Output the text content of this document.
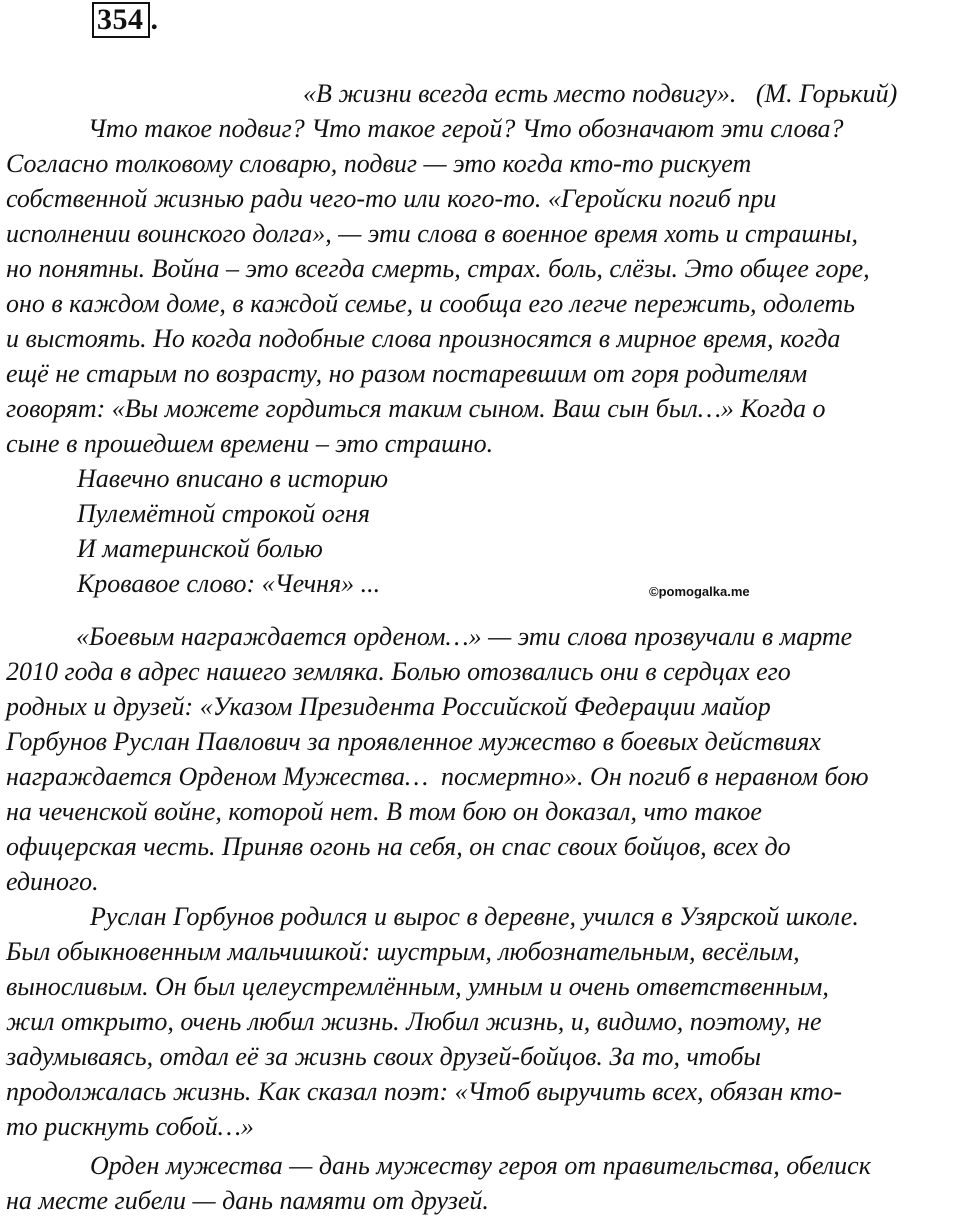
354 .
«В жизни всегда есть место подвигу».   (М. Горький)
Что такое подвиг? Что такое герой? Что обозначают эти слова?
Согласно толковому словарю, подвиг — это когда кто-то рискует
собственной жизнью ради чего-то или кого-то. «Геройски погиб при
исполнении воинского долга», — эти слова в военное время хоть и страшны,
но понятны. Война – это всегда смерть, страх. боль, слёзы. Это общее горе,
оно в каждом доме, в каждой семье, и сообща его легче пережить, одолеть
и выстоять. Но когда подобные слова произносятся в мирное время, когда
ещё не старым по возрасту, но разом постаревшим от горя родителям
говорят: «Вы можете гордиться таким сыном. Ваш сын был…» Когда о
сыне в прошедшем времени – это страшно.
Навечно вписано в историю
Пулемётной строкой огня
И материнской болью
Кровавое слово: «Чечня» ...	©pomogalka.me
«Боевым награждается орденом…» — эти слова прозвучали в марте
2010 года в адрес нашего земляка. Болью отозвались они в сердцах его
родных и друзей: «Указом Президента Российской Федерации майор
Горбунов Руслан Павлович за проявленное мужество в боевых действиях
награждается Орденом Мужества…  посмертно». Он погиб в неравном бою
на чеченской войне, которой нет. В том бою он доказал, что такое
офицерская честь. Приняв огонь на себя, он спас своих бойцов, всех до
единого.
Руслан Горбунов родился и вырос в деревне, учился в Узярской школе.
Был обыкновенным мальчишкой: шустрым, любознательным, весёлым,
выносливым. Он был целеустремлённым, умным и очень ответственным,
жил открыто, очень любил жизнь. Любил жизнь, и, видимо, поэтому, не
задумываясь, отдал её за жизнь своих друзей-бойцов. За то, чтобы
продолжалась жизнь. Как сказал поэт: «Чтоб выручить всех, обязан кто-
то рискнуть собой…»
Орден мужества — дань мужеству героя от правительства, обелиск
на месте гибели — дань памяти от друзей.
